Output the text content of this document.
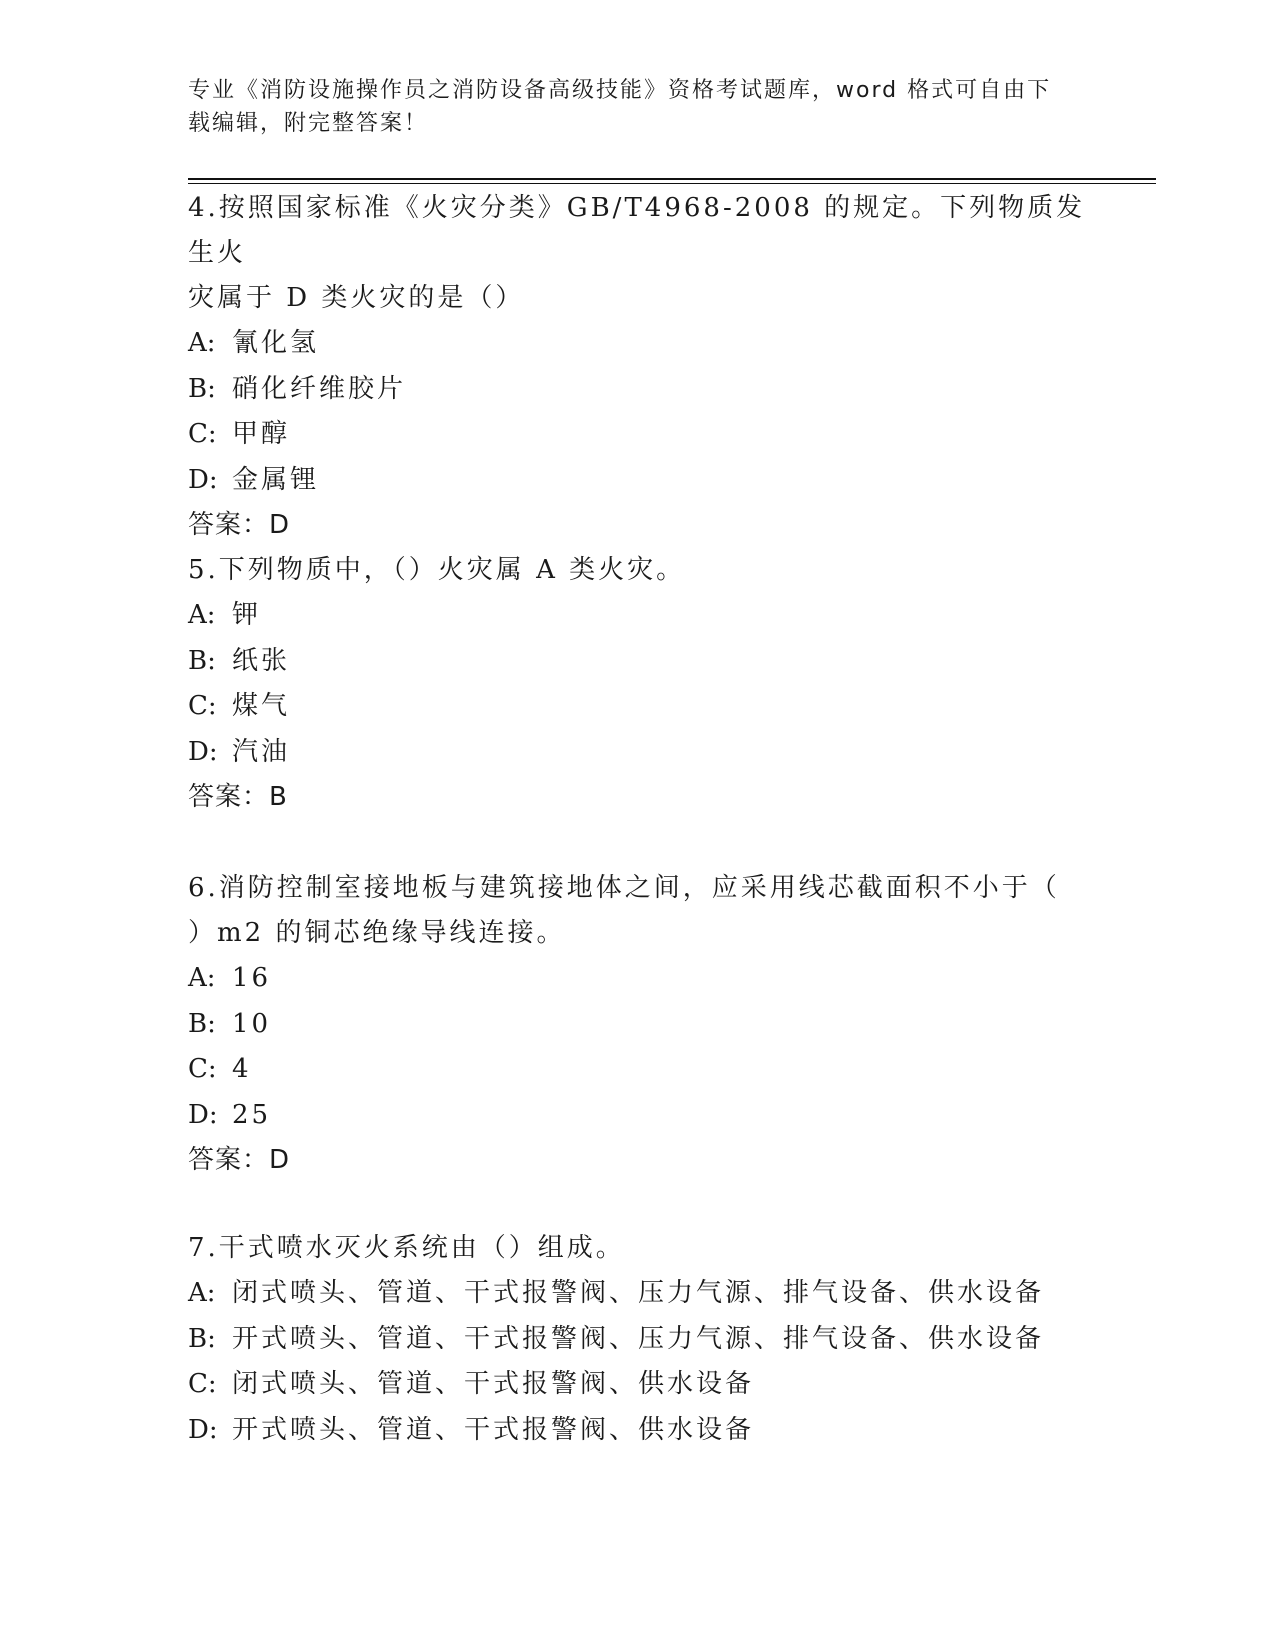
专业《消防设施操作员之消防设备高级技能》资格考试题库，word 格式可自由下
载编辑，附完整答案！

4.按照国家标准《火灾分类》GB/T4968-2008 的规定。下列物质发生火
灾属于 D 类火灾的是（）

A: 氰化氢

B: 硝化纤维胶片

C: 甲醇

D: 金属锂

答案：D

5.下列物质中，（）火灾属 A 类火灾。

A: 钾

B: 纸张

C: 煤气

D: 汽油

答案：B

6.消防控制室接地板与建筑接地体之间，应采用线芯截面积不小于（
）m2 的铜芯绝缘导线连接。

A: 16

B: 10

C: 4

D: 25

答案：D

7.干式喷水灭火系统由（）组成。

A: 闭式喷头、管道、干式报警阀、压力气源、排气设备、供水设备

B: 开式喷头、管道、干式报警阀、压力气源、排气设备、供水设备

C: 闭式喷头、管道、干式报警阀、供水设备

D: 开式喷头、管道、干式报警阀、供水设备
